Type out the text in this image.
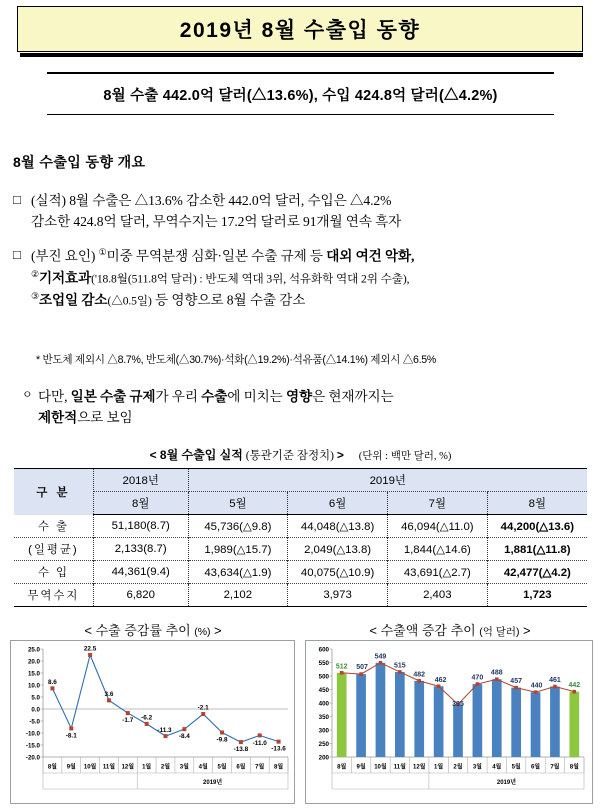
2019년 8월 수출입 동향
8월 수출 442.0억 달러(△13.6%), 수입 424.8억 달러(△4.2%)
8월 수출입 동향 개요
□ (실적) 8월 수출은 △13.6% 감소한 442.0억 달러, 수입은 △4.2%
감소한 424.8억 달러, 무역수지는 17.2억 달러로 91개월 연속 흑자
□ (부진 요인) ①미중 무역분쟁 심화·일본 수출 규제 등 대외 여건 악화,
②기저효과('18.8월(511.8억 달러) : 반도체 역대 3위, 석유화학 역대 2위 수출),
③조업일 감소(△0.5일) 등 영향으로 8월 수출 감소
* 반도체 제외시 △8.7%, 반도체(△30.7%)·석화(△19.2%)·석유품(△14.1%) 제외시 △6.5%
ㅇ 다만, 일본 수출 규제가 우리 수출에 미치는 영향은 현재까지는
제한적으로 보임
< 8월 수출입 실적 (통관기준 잠정치) > (단위 : 백만 달러, %)
구 분	2018년	2019년			
	8월	5월	6월	7월	8월
수 출	51,180(8.7)	45,736(△9.8)	44,048(△13.8)	46,094(△11.0)	44,200(△13.6)
(일평균)	2,133(8.7)	1,989(△15.7)	2,049(△13.8)	1,844(△14.6)	1,881(△11.8)
수 입	44,361(9.4)	43,634(△1.9)	40,075(△10.9)	43,691(△2.7)	42,477(△4.2)
무역수지	6,820	2,102	3,973	2,403	1,723
< 수출 증감률 추이 (%) >	< 수출액 증감 추이 (억 달러) >
25.0
20.0
15.0
10.0
5.0
0.0
-5.0
-10.0
-15.0
-20.0
8.6
-8.1
22.5
3.6
-1.7 -6.2
-11.3
-8.4
-2.1
-9.8
-13.8
-11.0
-13.6
8월 9월 10월 11월 12월 1월 2월 3월 4월 5월 6월 7월 8월
2019년
600
550
500
450
400
350
300
250
200
512 507
549
515
482
462
395
470
488
457
440
461
442
8월 9월 10월 11월 12월 1월 2월 3월 4월 5월 6월 7월 8월
2019년
